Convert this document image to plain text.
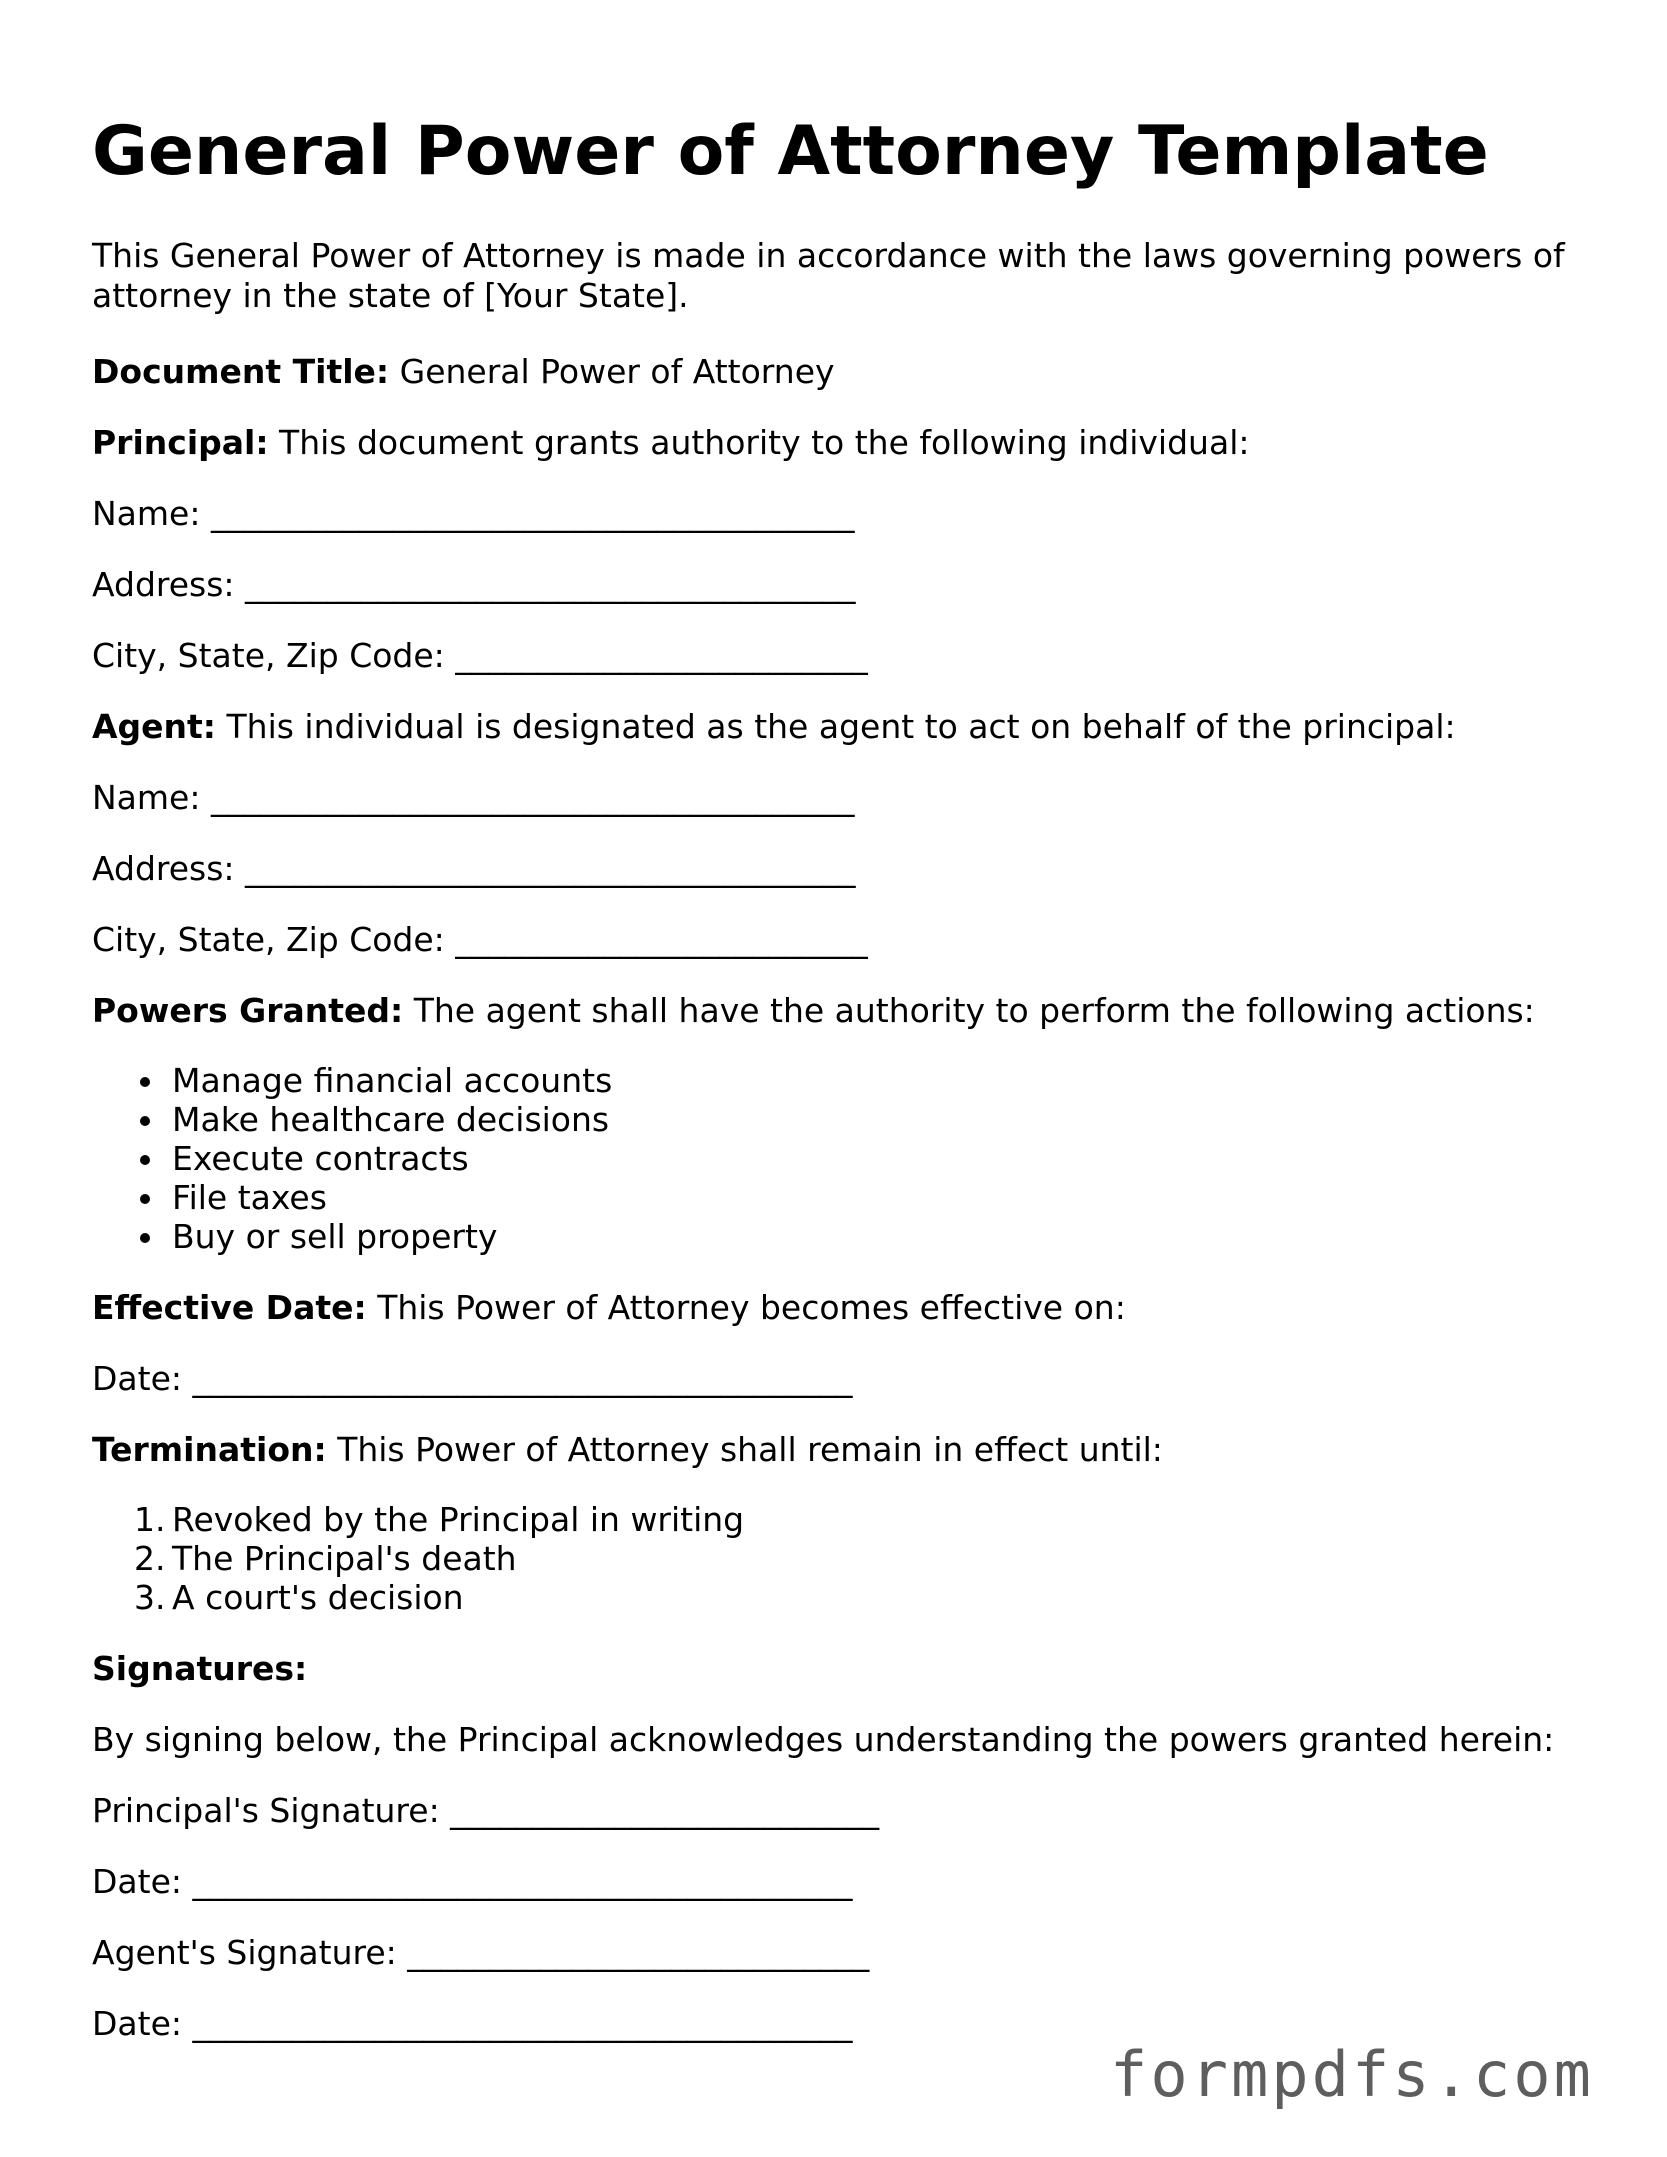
General Power of Attorney Template
This General Power of Attorney is made in accordance with the laws governing powers of attorney in the state of [Your State].
Document Title: General Power of Attorney
Principal: This document grants authority to the following individual:
Name: _______________________________________
Address: _____________________________________
City, State, Zip Code: _________________________
Agent: This individual is designated as the agent to act on behalf of the principal:
Name: _______________________________________
Address: _____________________________________
City, State, Zip Code: _________________________
Powers Granted: The agent shall have the authority to perform the following actions:
Manage financial accounts
Make healthcare decisions
Execute contracts
File taxes
Buy or sell property
Effective Date: This Power of Attorney becomes effective on:
Date: ________________________________________
Termination: This Power of Attorney shall remain in effect until:
1. Revoked by the Principal in writing
2. The Principal's death
3. A court's decision
Signatures:
By signing below, the Principal acknowledges understanding the powers granted herein:
Principal's Signature: __________________________
Date: ________________________________________
Agent's Signature: ____________________________
Date: ________________________________________
formpdfs.com
